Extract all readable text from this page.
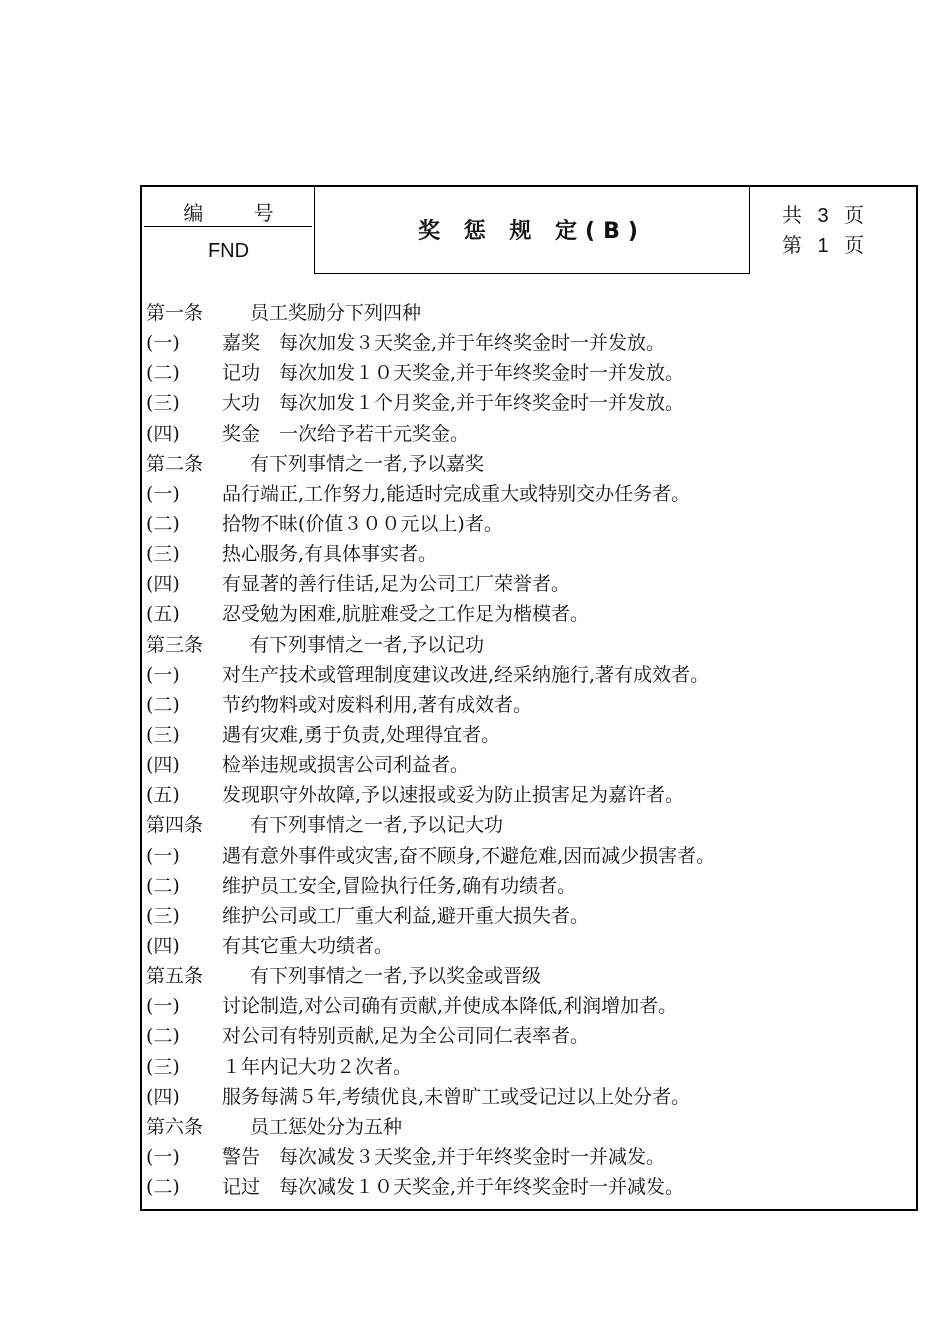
编 号
FND
奖 惩 规 定(B)
共 3 页
第 1 页
第一条 员工奖励分下列四种
(一) 嘉奖　每次加发３天奖金,并于年终奖金时一并发放。
(二) 记功　每次加发１０天奖金,并于年终奖金时一并发放。
(三) 大功　每次加发１个月奖金,并于年终奖金时一并发放。
(四) 奖金　一次给予若干元奖金。
第二条 有下列事情之一者,予以嘉奖
(一) 品行端正,工作努力,能适时完成重大或特别交办任务者。
(二) 拾物不昧(价值３００元以上)者。
(三) 热心服务,有具体事实者。
(四) 有显著的善行佳话,足为公司工厂荣誉者。
(五) 忍受勉为困难,肮脏难受之工作足为楷模者。
第三条 有下列事情之一者,予以记功
(一) 对生产技术或管理制度建议改进,经采纳施行,著有成效者。
(二) 节约物料或对废料利用,著有成效者。
(三) 遇有灾难,勇于负责,处理得宜者。
(四) 检举违规或损害公司利益者。
(五) 发现职守外故障,予以速报或妥为防止损害足为嘉许者。
第四条 有下列事情之一者,予以记大功
(一) 遇有意外事件或灾害,奋不顾身,不避危难,因而减少损害者。
(二) 维护员工安全,冒险执行任务,确有功绩者。
(三) 维护公司或工厂重大利益,避开重大损失者。
(四) 有其它重大功绩者。
第五条 有下列事情之一者,予以奖金或晋级
(一) 讨论制造,对公司确有贡献,并使成本降低,利润增加者。
(二) 对公司有特别贡献,足为全公司同仁表率者。
(三) １年内记大功２次者。
(四) 服务每满５年,考绩优良,未曾旷工或受记过以上处分者。
第六条 员工惩处分为五种
(一) 警告　每次减发３天奖金,并于年终奖金时一并减发。
(二) 记过　每次减发１０天奖金,并于年终奖金时一并减发。
